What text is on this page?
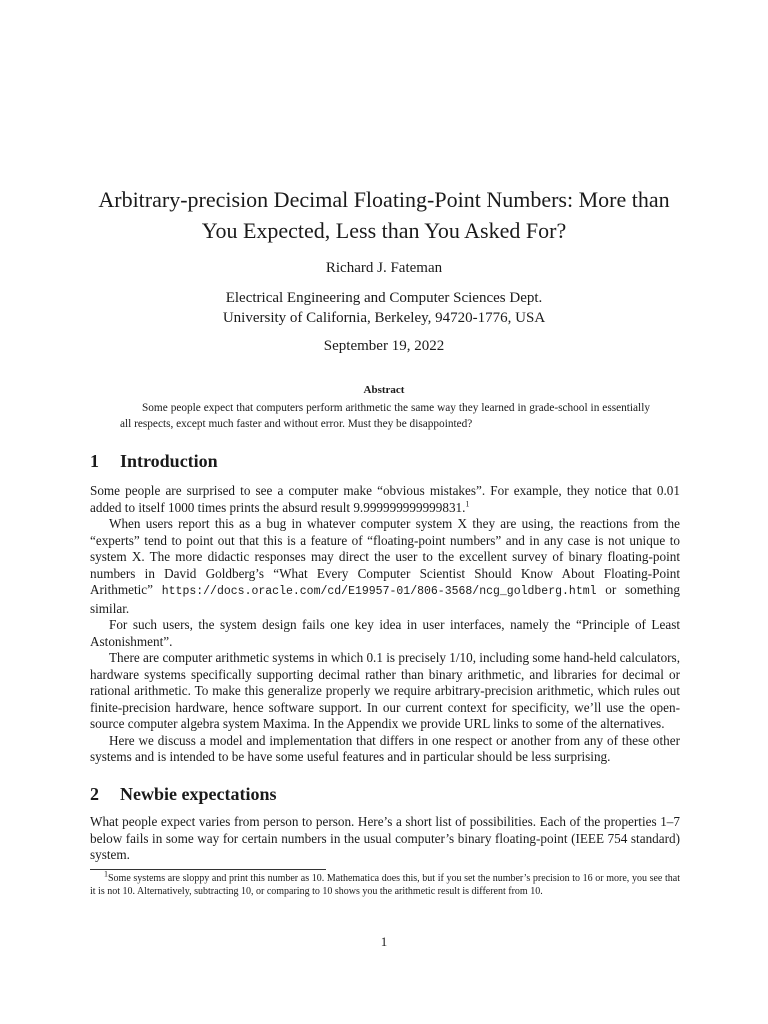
Arbitrary-precision Decimal Floating-Point Numbers: More than
You Expected, Less than You Asked For?
Richard J. Fateman
Electrical Engineering and Computer Sciences Dept.
University of California, Berkeley, 94720-1776, USA
September 19, 2022
Abstract
Some people expect that computers perform arithmetic the same way they learned in grade-school in essentially all respects, except much faster and without error. Must they be disappointed?
1 Introduction

Some people are surprised to see a computer make “obvious mistakes”. For example, they notice that 0.01 added to itself 1000 times prints the absurd result 9.999999999999831.$^1$

When users report this as a bug in whatever computer system X they are using, the reactions from the “experts” tend to point out that this is a feature of “floating-point numbers” and in any case is not unique to system X. The more didactic responses may direct the user to the excellent survey of binary floating-point numbers in David Goldberg’s “What Every Computer Scientist Should Know About Floating-Point Arithmetic” https://docs.oracle.com/cd/E19957-01/806-3568/ncg_goldberg.html or something similar.

For such users, the system design fails one key idea in user interfaces, namely the “Principle of Least Astonishment”.

There are computer arithmetic systems in which 0.1 is precisely 1/10, including some hand-held calculators, hardware systems specifically supporting decimal rather than binary arithmetic, and libraries for decimal or rational arithmetic. To make this generalize properly we require arbitrary-precision arithmetic, which rules out finite-precision hardware, hence software support. In our current context for specificity, we’ll use the open-source computer algebra system Maxima. In the Appendix we provide URL links to some of the alternatives.

Here we discuss a model and implementation that differs in one respect or another from any of these other systems and is intended to be have some useful features and in particular should be less surprising.

2 Newbie expectations

What people expect varies from person to person. Here’s a short list of possibilities. Each of the properties 1–7 below fails in some way for certain numbers in the usual computer’s binary floating-point (IEEE 754 standard) system.

$^1$Some systems are sloppy and print this number as 10. Mathematica does this, but if you set the number’s precision to 16 or more, you see that it is not 10. Alternatively, subtracting 10, or comparing to 10 shows you the arithmetic result is different from 10.
1
